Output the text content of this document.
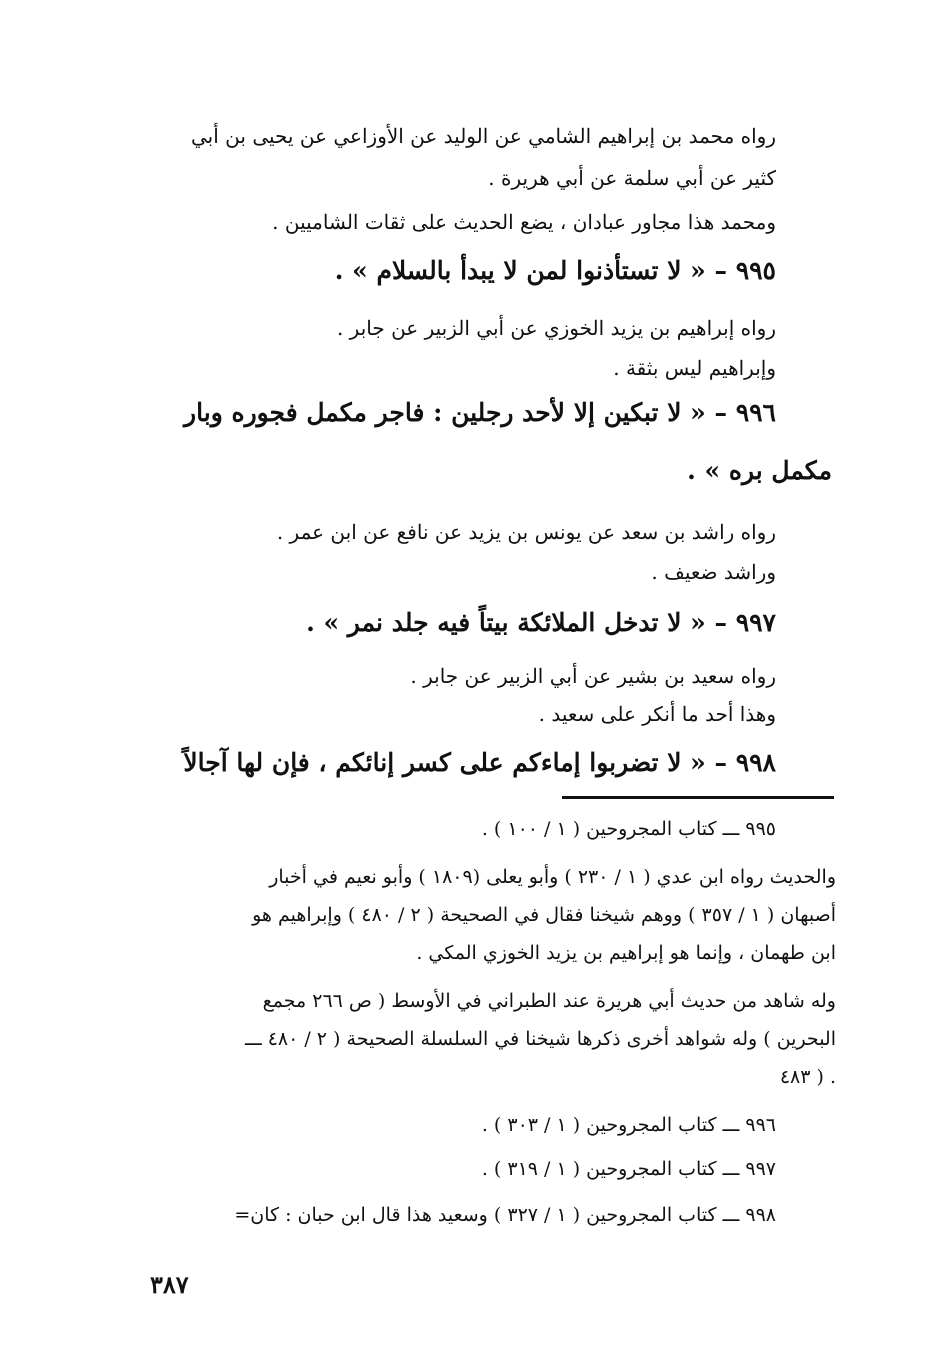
رواه محمد بن إبراهيم الشامي عن الوليد عن الأوزاعي عن يحيى بن أبي
كثير عن أبي سلمة عن أبي هريرة .
ومحمد هذا مجاور عبادان ، يضع الحديث على ثقات الشاميين .
٩٩٥ – « لا تستأذنوا لمن لا يبدأ بالسلام » .
رواه إبراهيم بن يزيد الخوزي عن أبي الزبير عن جابر .
وإبراهيم ليس بثقة .
٩٩٦ – « لا تبكين إلا لأحد رجلين : فاجر مكمل فجوره وبار
مكمل بره » .
رواه راشد بن سعد عن يونس بن يزيد عن نافع عن ابن عمر .
وراشد ضعيف .
٩٩٧ – « لا تدخل الملائكة بيتاً فيه جلد نمر » .
رواه سعيد بن بشير عن أبي الزبير عن جابر .
وهذا أحد ما أنكر على سعيد .
٩٩٨ – « لا تضربوا إماءكم على كسر إنائكم ، فإن لها آجالاً
٩٩٥ ـــ كتاب المجروحين ( ١ / ١٠٠ ) .
والحديث رواه ابن عدي ( ١ / ٢٣٠ ) وأبو يعلى (١٨٠٩ ) وأبو نعيم في أخبار
أصبهان ( ١ / ٣٥٧ ) ووهم شيخنا فقال في الصحيحة ( ٢ / ٤٨٠ ) وإبراهيم هو
ابن طهمان ، وإنما هو إبراهيم بن يزيد الخوزي المكي .
وله شاهد من حديث أبي هريرة عند الطبراني في الأوسط ( ص ٢٦٦ مجمع
البحرين ) وله شواهد أخرى ذكرها شيخنا في السلسلة الصحيحة ( ٢ / ٤٨٠ ـــ
٤٨٣ ) .
٩٩٦ ـــ كتاب المجروحين ( ١ / ٣٠٣ ) .
٩٩٧ ـــ كتاب المجروحين ( ١ / ٣١٩ ) .
٩٩٨ ـــ كتاب المجروحين ( ١ / ٣٢٧ ) وسعيد هذا قال ابن حبان : كان=
٣٨٧
